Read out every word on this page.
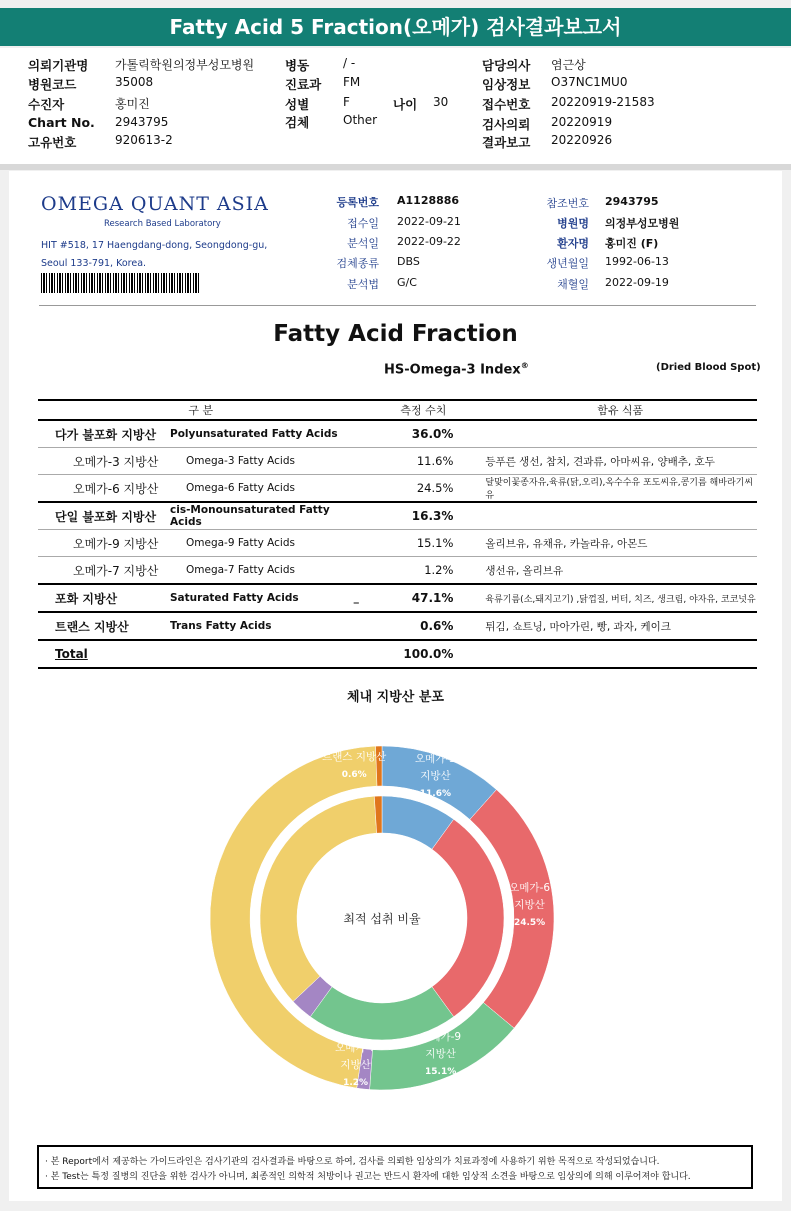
Fatty Acid 5 Fraction(오메가) 검사결과보고서
의뢰기관명 가톨릭학원의정부성모병원
병원코드	35008
수진자	홍미진
Chart No. 2943795
고유번호	920613-2
병동	/ -
진료과 FM
성별	F	나이 30
검체	Other
담당의사 염근상
임상정보 O37NC1MU0
접수번호 20220919-21583
검사의뢰 20220919
결과보고 20220926
OMEGA QUANT ASIA
Research Based Laboratory
HIT #518, 17 Haengdang-dong, Seongdong-gu,
Seoul 133-791, Korea.
등록번호 A1128886
접수일 2022-09-21
분석일 2022-09-22
검체종류 DBS
분석법 G/C
참조번호 2943795
병원명 의정부성모병원
환자명 홍미진 (F)
생년월일 1992-06-13
채혈일 2022-09-19
Fatty Acid Fraction
HS-Omega-3 Index®	(Dried Blood Spot)
구 분		측정 수치	함유 식품
다가 불포화 지방산	Polyunsaturated Fatty Acids	36.0%	
오메가-3 지방산	Omega-3 Fatty Acids	11.6%	등푸른 생선, 참치, 견과류, 아마씨유, 양배추, 호두
오메가-6 지방산	Omega-6 Fatty Acids	24.5%	달맞이꽃종자유,육류(닭,오리),옥수수유 포도씨유,콩기름 해바라기씨유
단일 불포화 지방산	cis-Monounsaturated Fatty Acids	16.3%	
오메가-9 지방산	Omega-9 Fatty Acids	15.1%	올리브유, 유채유, 카놀라유, 아몬드
오메가-7 지방산	Omega-7 Fatty Acids	1.2%	생선유, 올리브유
포화 지방산	Saturated Fatty Acids _	47.1%	육류기름(소,돼지고기) ,닭껍질, 버터, 치즈, 생크림, 야자유, 코코넛유
트랜스 지방산	Trans Fatty Acids	0.6%	튀김, 쇼트닝, 마아가린, 빵, 과자, 케이크
Total		100.0%	
체내 지방산 분포
최적 섭취 비율
오메가-3
지방산
11.6%
오메가-6
지방산
24.5%
오메가-9
지방산
15.1%
오메가-7
지방산
1.2%
포화 지방산
47.1%
트랜스 지방산
0.6%
· 본 Report에서 제공하는 가이드라인은 검사기관의 검사결과를 바탕으로 하여, 검사를 의뢰한 임상의가 치료과정에 사용하기 위한 목적으로 작성되었습니다.
· 본 Test는 특정 질병의 진단을 위한 검사가 아니며, 최종적인 의학적 처방이나 권고는 반드시 환자에 대한 임상적 소견을 바탕으로 임상의에 의해 이루어져야 합니다.
